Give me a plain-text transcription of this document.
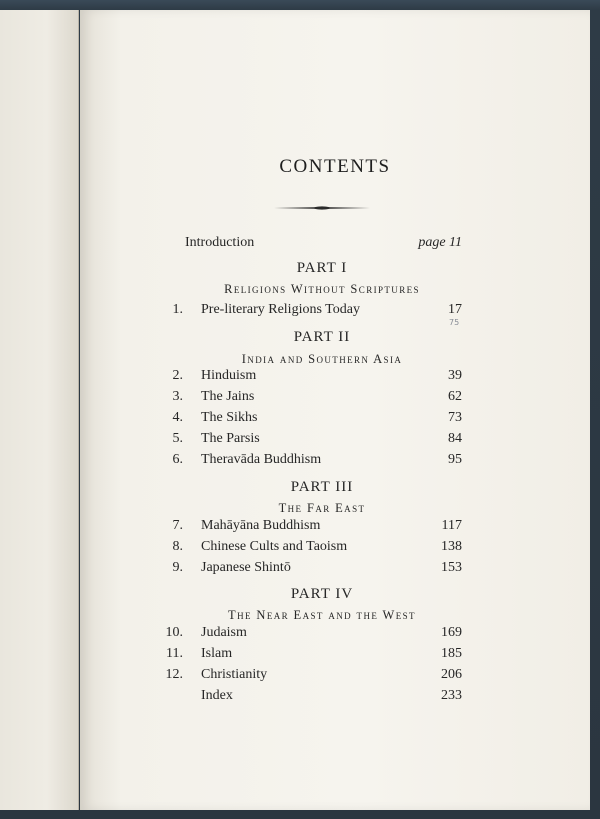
CONTENTS
Introduction	page 11
PART I
Religions Without Scriptures
1. Pre-literary Religions Today	17
75
PART II
India and Southern Asia
2. Hinduism	39
3. The Jains	62
4. The Sikhs	73
5. The Parsis	84
6. Theravāda Buddhism	95
PART III
The Far East
7. Mahāyāna Buddhism	117
8. Chinese Cults and Taoism	138
9. Japanese Shintō	153
PART IV
The Near East and the West
10. Judaism	169
11. Islam	185
12. Christianity	206
Index	233
